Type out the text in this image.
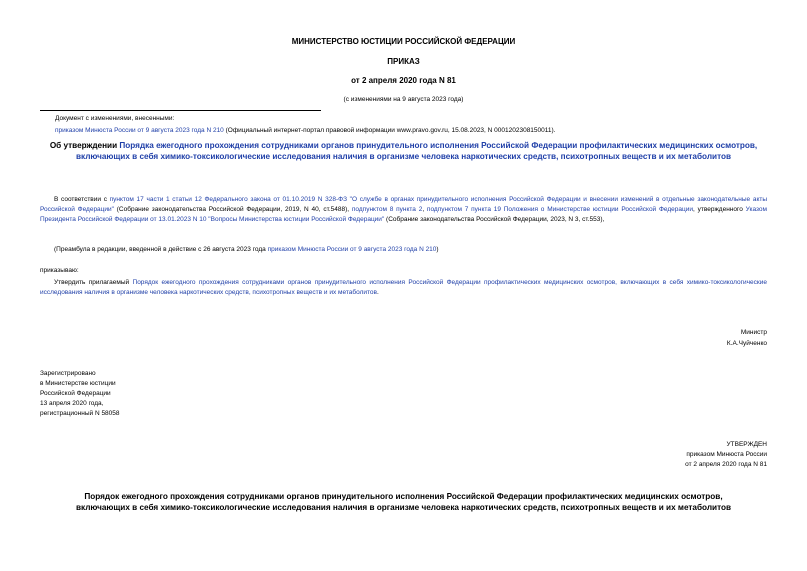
МИНИСТЕРСТВО ЮСТИЦИИ РОССИЙСКОЙ ФЕДЕРАЦИИ
ПРИКАЗ
от 2 апреля 2020 года N 81
(с изменениями на 9 августа 2023 года)
Документ с изменениями, внесенными:
приказом Минюста России от 9 августа 2023 года N 210 (Официальный интернет-портал правовой информации www.pravo.gov.ru, 15.08.2023, N 0001202308150011).
Об утверждении Порядка ежегодного прохождения сотрудниками органов принудительного исполнения Российской Федерации профилактических медицинских осмотров, включающих в себя химико-токсикологические исследования наличия в организме человека наркотических средств, психотропных веществ и их метаболитов
В соответствии с пунктом 17 части 1 статьи 12 Федерального закона от 01.10.2019 N 328-ФЗ "О службе в органах принудительного исполнения Российской Федерации и внесении изменений в отдельные законодательные акты Российской Федерации" (Собрание законодательства Российской Федерации, 2019, N 40, ст.5488), подпунктом 8 пункта 2, подпунктом 7 пункта 19 Положения о Министерстве юстиции Российской Федерации, утвержденного Указом Президента Российской Федерации от 13.01.2023 N 10 "Вопросы Министерства юстиции Российской Федерации" (Собрание законодательства Российской Федерации, 2023, N 3, ст.553),
(Преамбула в редакции, введенной в действие с 26 августа 2023 года приказом Минюста России от 9 августа 2023 года N 210)
приказываю:
Утвердить прилагаемый Порядок ежегодного прохождения сотрудниками органов принудительного исполнения Российской Федерации профилактических медицинских осмотров, включающих в себя химико-токсикологические исследования наличия в организме человека наркотических средств, психотропных веществ и их метаболитов.
Министр
К.А.Чуйченко
Зарегистрировано
в Министерстве юстиции
Российской Федерации
13 апреля 2020 года,
регистрационный N 58058
УТВЕРЖДЕН
приказом Минюста России
от 2 апреля 2020 года N 81
Порядок ежегодного прохождения сотрудниками органов принудительного исполнения Российской Федерации профилактических медицинских осмотров,
включающих в себя химико-токсикологические исследования наличия в организме человека наркотических средств, психотропных веществ и их метаболитов
